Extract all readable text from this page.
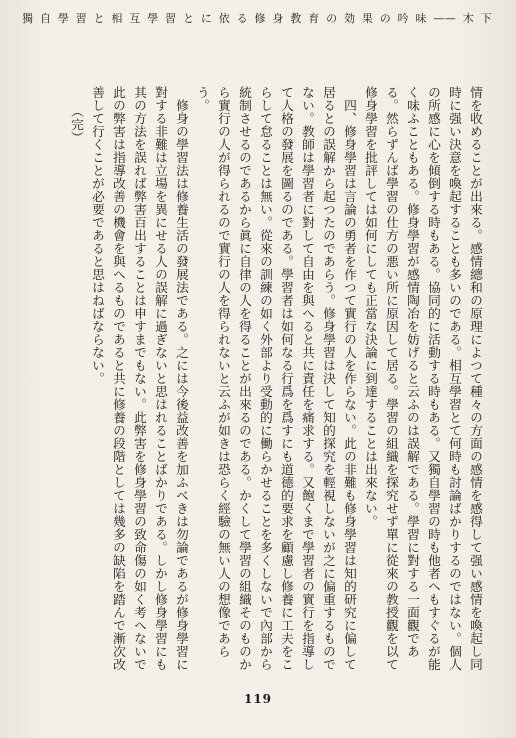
獨自學習と相互學習とに依る修身教育の効果の吟味——木下

情を收めることが出來る。感情總和の原理によつて種々の方面の感情を感得して强い感情を喚起し同時に强い決意を喚起することも多いのである。相互學習とて何時も討論ばかりするのではない。個人の所感に心を傾倒する時もある。協同的に活動する時もある。又獨自學習の時も他者へもすぐるが能く味ふこともある。修身學習が感情陶冶を妨げると云ふのは誤解である。學習に對する一面觀である。然らずんば學習の仕方の悪い所に原因して居る。學習の組織を探究せず單に從來の教授觀を以て修身學習を批評しては如何にしても正當な決論に到達することは出來ない。

四、修身學習は言論の勇者を作つて實行の人を作らない。此の非難も修身學習は知的研究に偏して居るとの誤解から起つたのであらう。修身學習は決して知的探究を輕視しないが之に偏重するものでない。教師は學習者に對して自由を與へると共に責任を痛求する。又飽くまで學習者の實行を指導して人格の發展を圖るのである。學習者は如何なる行爲を爲すにも道德的要求を顧慮し修養に工夫をこらして怠ることは無い。從來の訓練の如く外部より受動的に働らかせることを多くしないで內部から統制させるのであるから眞に自律の人を得ることが出來るのである。かくして學習の組織そのものから實行の人が得られるので實行の人を得られないと云ふが如きは恐らく經驗の無い人の想像であらう。

修身の學習法は修養生活の發展法である。之には今後益改善を加ふべきは勿論であるが修身學習に對する非難は立場を異にせる人の誤解に過ぎないと思はれることばかりである。しかし修身學習にも其の方法を誤れば弊害百出することは申すまでもない。此弊害を修身學習の致命傷の如く考へないで此の弊害は指導改善の機會を與へるものであると共に修養の段階としては幾多の缺陷を踏んで漸次改善して行くことが必要であると思はねばならない。

（完）

119
